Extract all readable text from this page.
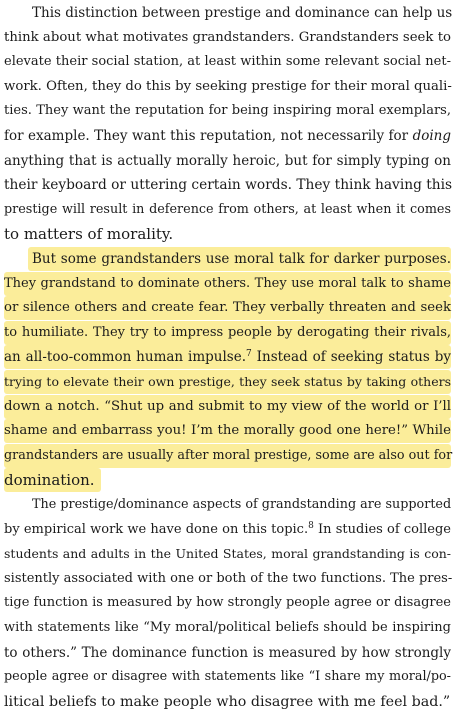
This distinction between prestige and dominance can help us
think about what motivates grandstanders. Grandstanders seek to
elevate their social station, at least within some relevant social net-
work. Often, they do this by seeking prestige for their moral quali-
ties. They want the reputation for being inspiring moral exemplars,
for example. They want this reputation, not necessarily for doing
anything that is actually morally heroic, but for simply typing on
their keyboard or uttering certain words. They think having this
prestige will result in deference from others, at least when it comes
to matters of morality.
But some grandstanders use moral talk for darker purposes.
They grandstand to dominate others. They use moral talk to shame
or silence others and create fear. They verbally threaten and seek
to humiliate. They try to impress people by derogating their rivals,
an all-too-common human impulse.$^7$ Instead of seeking status by
trying to elevate their own prestige, they seek status by taking others
down a notch. “Shut up and submit to my view of the world or I’ll
shame and embarrass you! I’m the morally good one here!” While
grandstanders are usually after moral prestige, some are also out for
domination.
The prestige/dominance aspects of grandstanding are supported
by empirical work we have done on this topic.$^8$ In studies of college
students and adults in the United States, moral grandstanding is con-
sistently associated with one or both of the two functions. The pres-
tige function is measured by how strongly people agree or disagree
with statements like “My moral/political beliefs should be inspiring
to others.” The dominance function is measured by how strongly
people agree or disagree with statements like “I share my moral/po-
litical beliefs to make people who disagree with me feel bad.”
